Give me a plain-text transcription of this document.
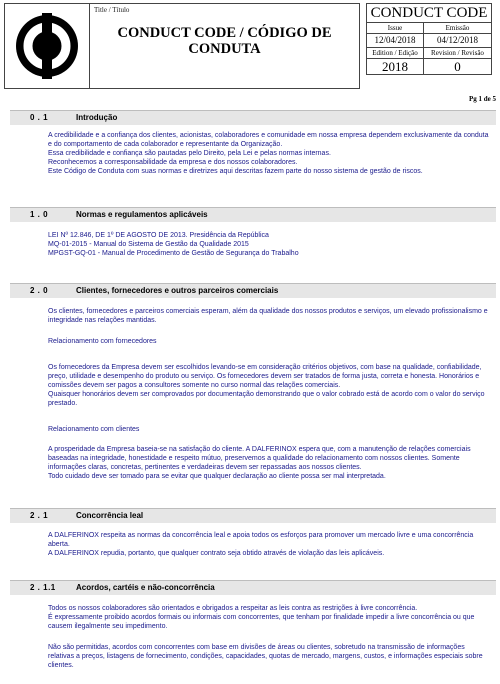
Title / Título
CONDUCT CODE / CÓDIGO DE
CONDUTA
CONDUCT CODE
Issue	Emissão
12/04/2018	04/12/2018
Edition / Edição	Revision / Revisão
2018	0
Pg 1 de 5
0 . 1	Introdução
A credibilidade e a confiança dos clientes, acionistas, colaboradores e comunidade em nossa empresa dependem exclusivamente da conduta e do comportamento de cada colaborador e representante da Organização.
Essa credibilidade e confiança são pautadas pelo Direito, pela Lei e pelas normas internas.
Reconhecemos a corresponsabilidade da empresa e dos nossos colaboradores.
Este Código de Conduta com suas normas e diretrizes aqui descritas fazem parte do nosso sistema de gestão de riscos.
1 . 0	Normas e regulamentos aplicáveis
LEI Nº 12.846, DE 1º DE AGOSTO DE 2013. Presidência da República
MQ-01-2015 - Manual do Sistema de Gestão da Qualidade 2015
MPGST-GQ-01 - Manual de Procedimento de Gestão de Segurança do Trabalho
2 . 0	Clientes, fornecedores e outros parceiros comerciais
Os clientes, fornecedores e parceiros comerciais esperam, além da qualidade dos nossos produtos e serviços, um elevado profissionalismo e integridade nas relações mantidas.
Relacionamento com fornecedores
Os fornecedores da Empresa devem ser escolhidos levando-se em consideração critérios objetivos, com base na qualidade, confiabilidade, preço, utilidade e desempenho do produto ou serviço. Os fornecedores devem ser tratados de forma justa, correta e honesta. Honorários e comissões devem ser pagos a consultores somente no curso normal das relações comerciais.
Quaisquer honorários devem ser comprovados por documentação demonstrando que o valor cobrado está de acordo com o valor do serviço prestado.
Relacionamento com clientes
A prosperidade da Empresa baseia-se na satisfação do cliente. A DALFERINOX espera que, com a manutenção de relações comerciais baseadas na integridade, honestidade e respeito mútuo, preservemos a qualidade do relacionamento com nossos clientes. Somente informações claras, concretas, pertinentes e verdadeiras devem ser repassadas aos nossos clientes.
Todo cuidado deve ser tomado para se evitar que qualquer declaração ao cliente possa ser mal interpretada.
2 . 1	Concorrência leal
A DALFERINOX respeita as normas da concorrência leal e apoia todos os esforços para promover um mercado livre e uma concorrência aberta.
A DALFERINOX repudia, portanto, que qualquer contrato seja obtido através de violação das leis aplicáveis.
2 . 1.1	Acordos, cartéis e não-concorrência
Todos os nossos colaboradores são orientados e obrigados a respeitar as leis contra as restrições à livre concorrência.
É expressamente proibido acordos formais ou informais com concorrentes, que tenham por finalidade impedir a livre concorrência ou que causem ilegalmente seu impedimento.
Não são permitidas, acordos com concorrentes com base em divisões de áreas ou clientes, sobretudo na transmissão de informações relativas a preços, listagens de fornecimento, condições, capacidades, quotas de mercado, margens, custos, e informações especiais sobre clientes.
